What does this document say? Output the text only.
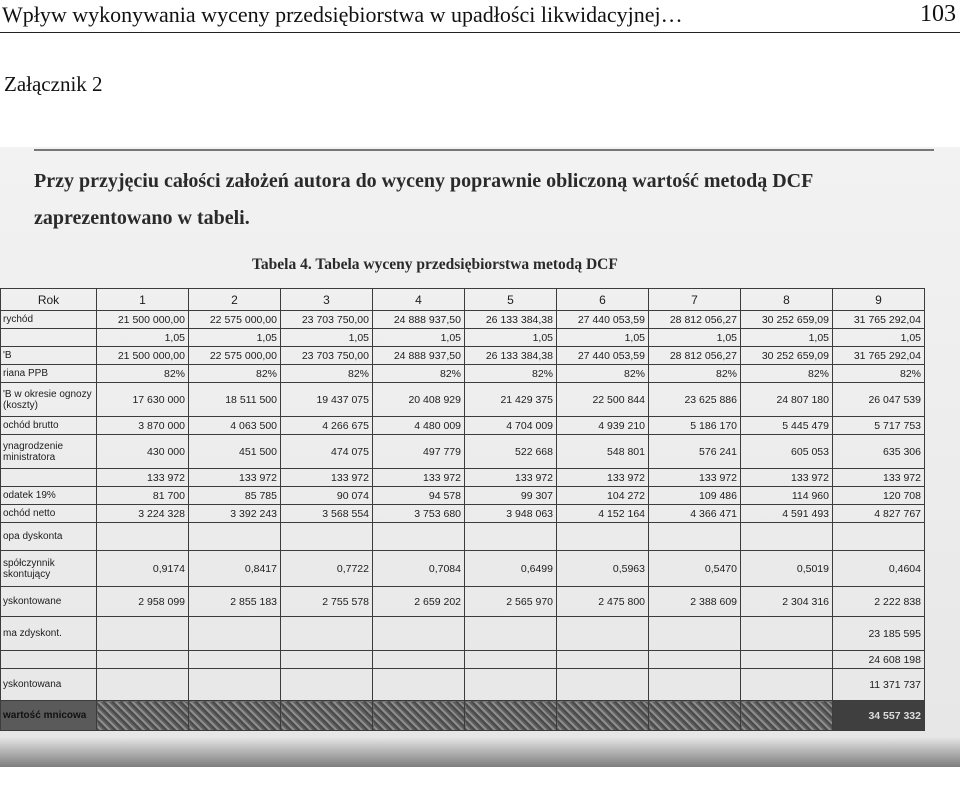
Wpływ wykonywania wyceny przedsiębiorstwa w upadłości likwidacyjnej…	103
Załącznik 2
Przy przyjęciu całości założeń autora do wyceny poprawnie obliczoną wartość metodą DCF
zaprezentowano w tabeli.
Tabela 4. Tabela wyceny przedsiębiorstwa metodą DCF
Rok	1	2	3	4	5	6	7	8	9
rychód	21 500 000,00	22 575 000,00	23 703 750,00	24 888 937,50	26 133 384,38	27 440 053,59	28 812 056,27	30 252 659,09	31 765 292,04
	1,05	1,05	1,05	1,05	1,05	1,05	1,05	1,05	1,05
'B	21 500 000,00	22 575 000,00	23 703 750,00	24 888 937,50	26 133 384,38	27 440 053,59	28 812 056,27	30 252 659,09	31 765 292,04
riana PPB	82%	82%	82%	82%	82%	82%	82%	82%	82%
'B w okresie ognozy (koszty)	17 630 000	18 511 500	19 437 075	20 408 929	21 429 375	22 500 844	23 625 886	24 807 180	26 047 539
ochód brutto	3 870 000	4 063 500	4 266 675	4 480 009	4 704 009	4 939 210	5 186 170	5 445 479	5 717 753
ynagrodzenie ministratora	430 000	451 500	474 075	497 779	522 668	548 801	576 241	605 053	635 306
	133 972	133 972	133 972	133 972	133 972	133 972	133 972	133 972	133 972
odatek 19%	81 700	85 785	90 074	94 578	99 307	104 272	109 486	114 960	120 708
ochód netto	3 224 328	3 392 243	3 568 554	3 753 680	3 948 063	4 152 164	4 366 471	4 591 493	4 827 767
opa dyskonta									
spółczynnik skontujący	0,9174	0,8417	0,7722	0,7084	0,6499	0,5963	0,5470	0,5019	0,4604
yskontowane	2 958 099	2 855 183	2 755 578	2 659 202	2 565 970	2 475 800	2 388 609	2 304 316	2 222 838
ma zdyskont.									23 185 595
									24 608 198
yskontowana									11 371 737
wartość mnicowa									34 557 332
